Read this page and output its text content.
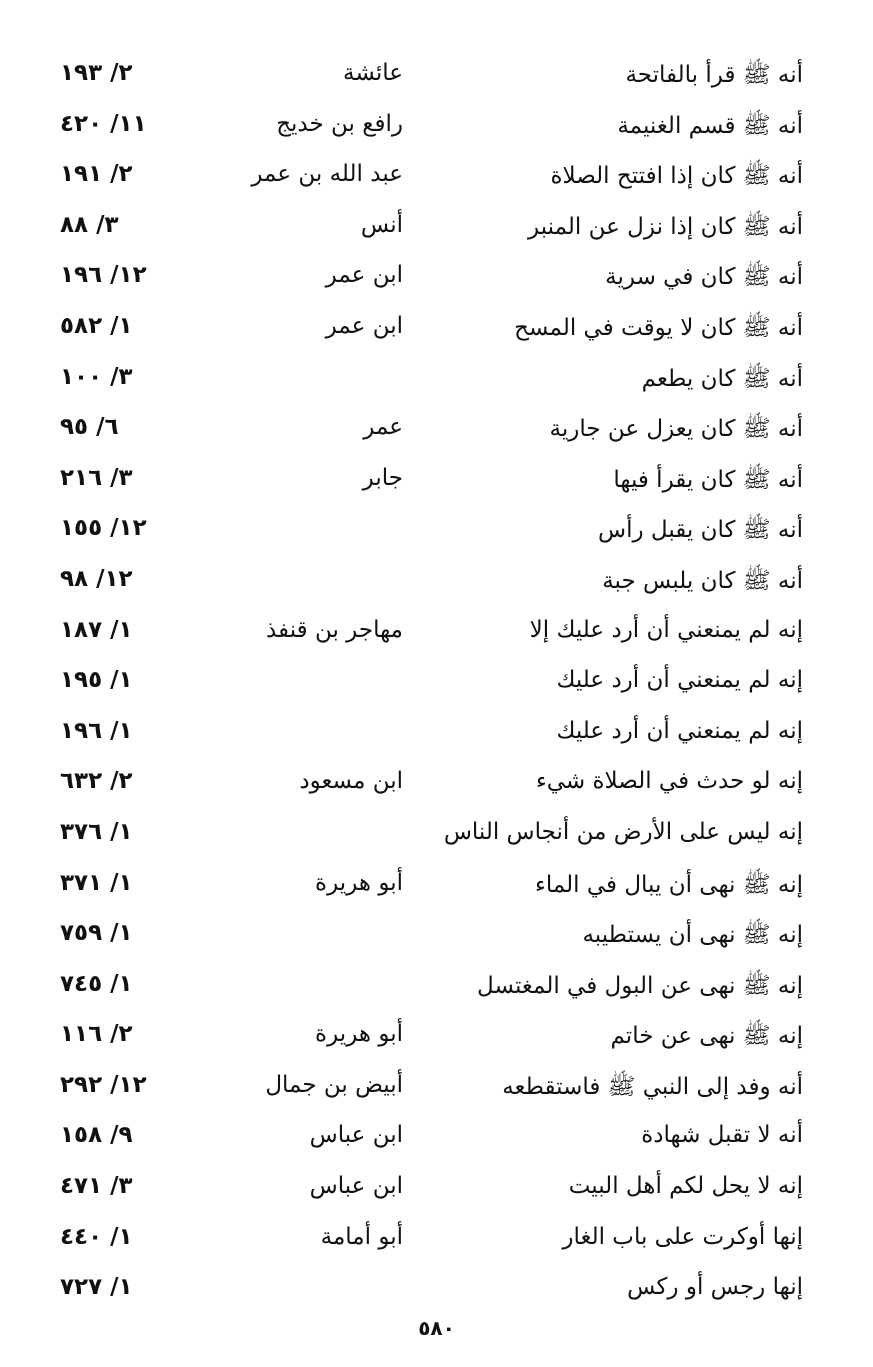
أنه ﷺ قرأ بالفاتحة
عائشة
٢/ ١٩٣
أنه ﷺ قسم الغنيمة
رافع بن خديج
١١/ ٤٢٠
أنه ﷺ كان إذا افتتح الصلاة
عبد الله بن عمر
٢/ ١٩١
أنه ﷺ كان إذا نزل عن المنبر
أنس
٣/ ٨٨
أنه ﷺ كان في سرية
ابن عمر
١٢/ ١٩٦
أنه ﷺ كان لا يوقت في المسح
ابن عمر
١/ ٥٨٢
أنه ﷺ كان يطعم
٣/ ١٠٠
أنه ﷺ كان يعزل عن جارية
عمر
٦/ ٩٥
أنه ﷺ كان يقرأ فيها
جابر
٣/ ٢١٦
أنه ﷺ كان يقبل رأس
١٢/ ١٥٥
أنه ﷺ كان يلبس جبة
١٢/ ٩٨
إنه لم يمنعني أن أرد عليك إلا
مهاجر بن قنفذ
١/ ١٨٧
إنه لم يمنعني أن أرد عليك
١/ ١٩٥
إنه لم يمنعني أن أرد عليك
١/ ١٩٦
إنه لو حدث في الصلاة شيء
ابن مسعود
٢/ ٦٣٢
إنه ليس على الأرض من أنجاس الناس
١/ ٣٧٦
إنه ﷺ نهى أن يبال في الماء
أبو هريرة
١/ ٣٧١
إنه ﷺ نهى أن يستطيبه
١/ ٧٥٩
إنه ﷺ نهى عن البول في المغتسل
١/ ٧٤٥
إنه ﷺ نهى عن خاتم
أبو هريرة
٢/ ١١٦
أنه وفد إلى النبي ﷺ فاستقطعه
أبيض بن جمال
١٢/ ٢٩٢
أنه لا تقبل شهادة
ابن عباس
٩/ ١٥٨
إنه لا يحل لكم أهل البيت
ابن عباس
٣/ ٤٧١
إنها أوكرت على باب الغار
أبو أمامة
١/ ٤٤٠
إنها رجس أو ركس
١/ ٧٢٧
٥٨٠
